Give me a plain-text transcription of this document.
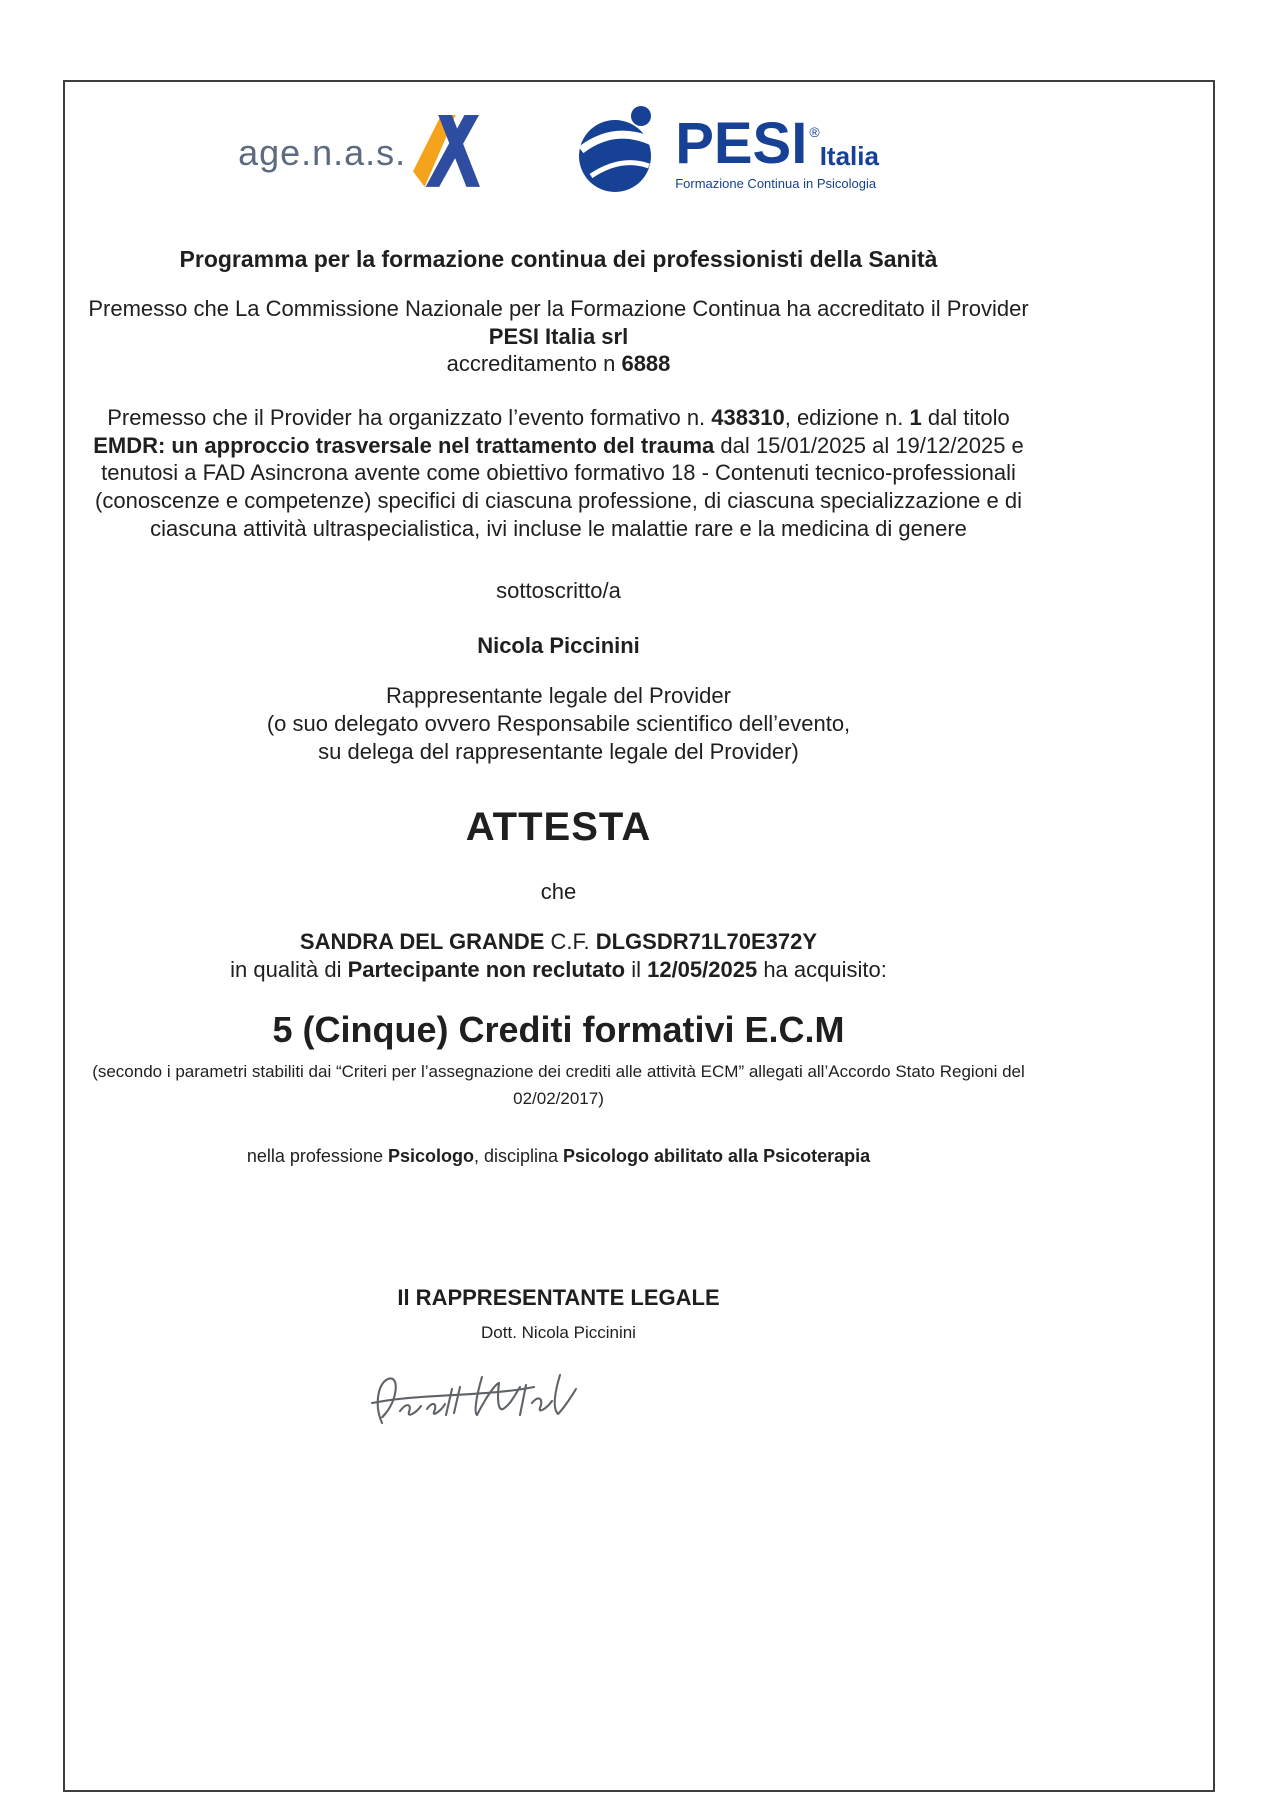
age.n.a.s.	PESI ®
Italia
Formazione Continua in Psicologia
Programma per la formazione continua dei professionisti della Sanità
Premesso che La Commissione Nazionale per la Formazione Continua ha accreditato il Provider
PESI Italia srl
accreditamento n 6888
Premesso che il Provider ha organizzato l’evento formativo n. 438310, edizione n. 1 dal titolo EMDR: un approccio trasversale nel trattamento del trauma dal 15/01/2025 al 19/12/2025 e tenutosi a FAD Asincrona avente come obiettivo formativo 18 - Contenuti tecnico-professionali (conoscenze e competenze) specifici di ciascuna professione, di ciascuna specializzazione e di ciascuna attività ultraspecialistica, ivi incluse le malattie rare e la medicina di genere
sottoscritto/a
Nicola Piccinini
Rappresentante legale del Provider
(o suo delegato ovvero Responsabile scientifico dell’evento,
su delega del rappresentante legale del Provider)
ATTESTA
che
SANDRA DEL GRANDE C.F. DLGSDR71L70E372Y
in qualità di Partecipante non reclutato il 12/05/2025 ha acquisito:
5 (Cinque) Crediti formativi E.C.M
(secondo i parametri stabiliti dai “Criteri per l’assegnazione dei crediti alle attività ECM” allegati all’Accordo Stato Regioni del 02/02/2017)
nella professione Psicologo, disciplina Psicologo abilitato alla Psicoterapia
Il RAPPRESENTANTE LEGALE
Dott. Nicola Piccinini
